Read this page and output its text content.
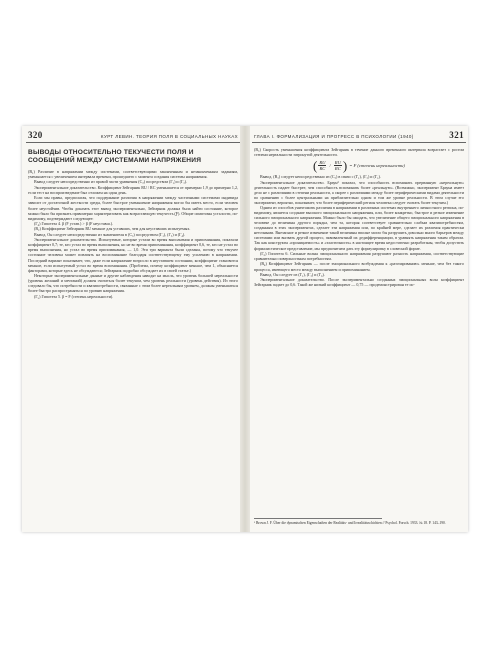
320	КУРТ ЛЕВИН. ТЕОРИЯ ПОЛЯ В СОЦИАЛЬНЫХ НАУКАХ
ВЫВОДЫ ОТНОСИТЕЛЬНО ТЕКУЧЕСТИ ПОЛЯ И СООБЩЕНИЙ МЕЖДУ СИСТЕМАМИ НАПРЯЖЕНИЯ

(B₁) Различие в напряжении между системами, соответствующими законченным и незаконченным заданиям, уменьшается с увеличением интервала времени, прошедшего с момента создания системы напряжения.

Вывод следует непосредственно из правой части уравнения (C₂) посредством (Γ₁) и (Γ₃).

Экспериментальное доказательство. Коэффициент Зейгарник RU / RC уменьшается от примерно 1,9 до примерно 1,2, если тест на воспроизведение был отложен на один день.

Если мы правы, предполагая, что поддержание различия в напряжении между частичными системами индивида зависит от достаточной жесткости среды, более быстрое уменьшение напряжения могло бы иметь место, если человек более неустойчив. Чтобы доказать этот вывод экспериментально, Зейгарник должна была найти состояние, которое можно было бы признать правомерно характеризовать как возрастающую текучесть (Ƒ). Общие симптомы усталости, по-видимому, подтверждают следующее:

(Γ₄) Гипотеза 4. β (F устав.) > β (F неуставш.).

(B₂) Коэффициент Зейгарник RU меньше для уставших, чем для неуставших испытуемых.

Вывод. Он следует непосредственно из знаменателя в (C₃) посредством (Γ₁), (Γ₃) и (Γ₄).

Экспериментальное доказательство. Испытуемые, которые устали во время выполнения и припоминания, показали коэффициент 0,7; те, кто устал во время выполнения, но не во время припоминания, коэффициент 0,6, те, кто не устал во время выполнения, но устал во время припоминания, — 1,0. Эти три варианта были сделаны, потому что текучее состояние человека может повлиять на воспоминание благодаря соответствующему ему усилению в напряжении. Последний вариант показывает, что, даже если напряжение возросло в неуставшем состоянии, коэффициент становится меньше, если испытуемый устал во время вспоминания. (Проблема, почему коэффициент меньше, чем 1, объясняется факторами, которые здесь не обсуждаются; Зейгарник подробно обсуждает их в своей статье.)

Некоторые экспериментальные данные и другие наблюдения наводят на мысль, что уровень большей нереальности (уровень желаний и мечтаний) должен считаться более текучим, чем уровень реальности (уровень действия). Из этого следовало бы, что потребности и квазипотребности, связанные с этим более нереальным уровнем, должны уменьшаться более быстро распространяться по уровню напряжения.

(Γ₅) Гипотеза 5. β = F (степень нереальности).

ГЛАВА I. ФОРМАЛИЗАЦИЯ И ПРОГРЕСС В ПСИХОЛОГИИ (1940)	321

(B₃) Скорость уменьшения коэффициента Зейгарник в течение данного временного интервала возрастает с ростом степени нереальности затронутой деятельности.

( $\frac{RU}{RC} / \frac{RU}{RC}$ ) = F (степень нереальности)

Вывод. (B₃) следует непосредственно из (C₃) в связи с (Γ₁), (Γ₃) и (Γ₅).

Экспериментальное доказательство. Браун¹ показал, что способность вспоминать прерванную «нереальную» деятельность падает быстрее, чем способность вспоминать более «реальную». (Возможно, эксперимент Брауна имеет дело не с различиями в степени реальности, а скорее с различиями между более периферическими видами деятельности по сравнению с более центральными на приблизительно одном и том же уровне реальности. В этом случае его эксперимент, вероятно, показывает, что более периферический регион человека следует считать более текучим.)

Одним из способов уничтожить различия в напряжении в различных системах внутреннего личностного региона, по-видимому, является создание высокого эмоционального напряжения, или, более конкретно, быстрое и резкое изменение сильного эмоционального напряжения. Можно было бы ожидать, что увеличение общего эмоционального напряжения в человеке до величины другого порядка, чем та, которая соответствует сравнительно слабым квазипотребностям, созданным в этих экспериментах, сделает эти напряжения или, по крайней мере, сделает их различия практически неточными. Внезапное и резкое изменение такой величины вполне могло бы разрушить довольно много барьеров между системами или вызвать другой процесс, эквивалентный их дедифференциации, в уравнять напряжения таким образом. Так как конструкты «проницаемость» и «эластичность» в настоящее время недостаточно разработаны, чтобы допустить формалистическое представление, мы предпочитаем дать эту формулировку в словесной форме.

(Γ₆) Гипотеза 6. Сильные волны эмоционального напряжения разрушают разность напряжения, соответствующие сравнительно поверхностным потребностям.

(B₄) Коэффициент Зейгарник — после эмоционального возбуждения к «разочарованию» меньше, чем без такого процесса, имеющего место между выполнением и припоминанием.

Вывод. Он следует из (Γ₁), (Γ₃) и (Γ₆).

Экспериментальное доказательство. После экспериментально созданных эмоциональных волн коэффициент Зейгарник падает до 0,6. Такой же низкий коэффициент — 0,75 — продемонстрирован те ис-

¹ Brown J. F. Über die dynamischen Eigenschaften der Realitäts- und Irrealitätsschichten // Psychol. Forsch. 1933. № 18. P. 143–190.
